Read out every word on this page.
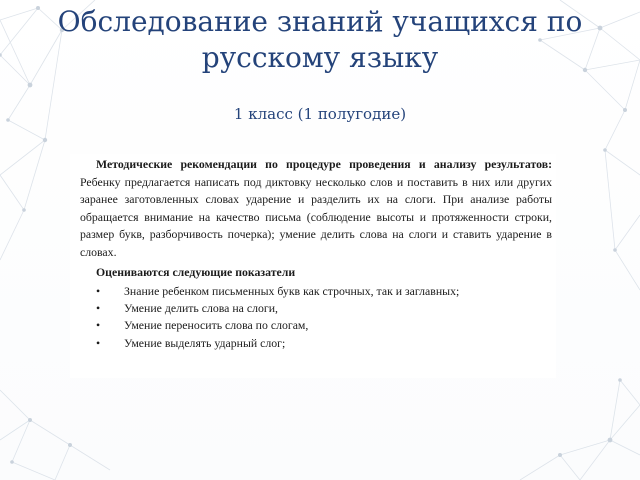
Обследование знаний учащихся по русскому языку
1 класс (1 полугодие)

Методические рекомендации по процедуре проведения и анализу результатов: Ребенку предлагается написать под диктовку несколько слов и поставить в них или других заранее заготовленных словах ударение и разделить их на слоги. При анализе работы обращается внимание на качество письма (соблюдение высоты и протяженности строки, размер букв, разборчивость почерка); умение делить слова на слоги и ставить ударение в словах.

Оцениваются следующие показатели

• Знание ребенком письменных букв как строчных, так и заглавных;
• Умение делить слова на слоги,
• Умение переносить слова по слогам,
• Умение выделять ударный слог;
